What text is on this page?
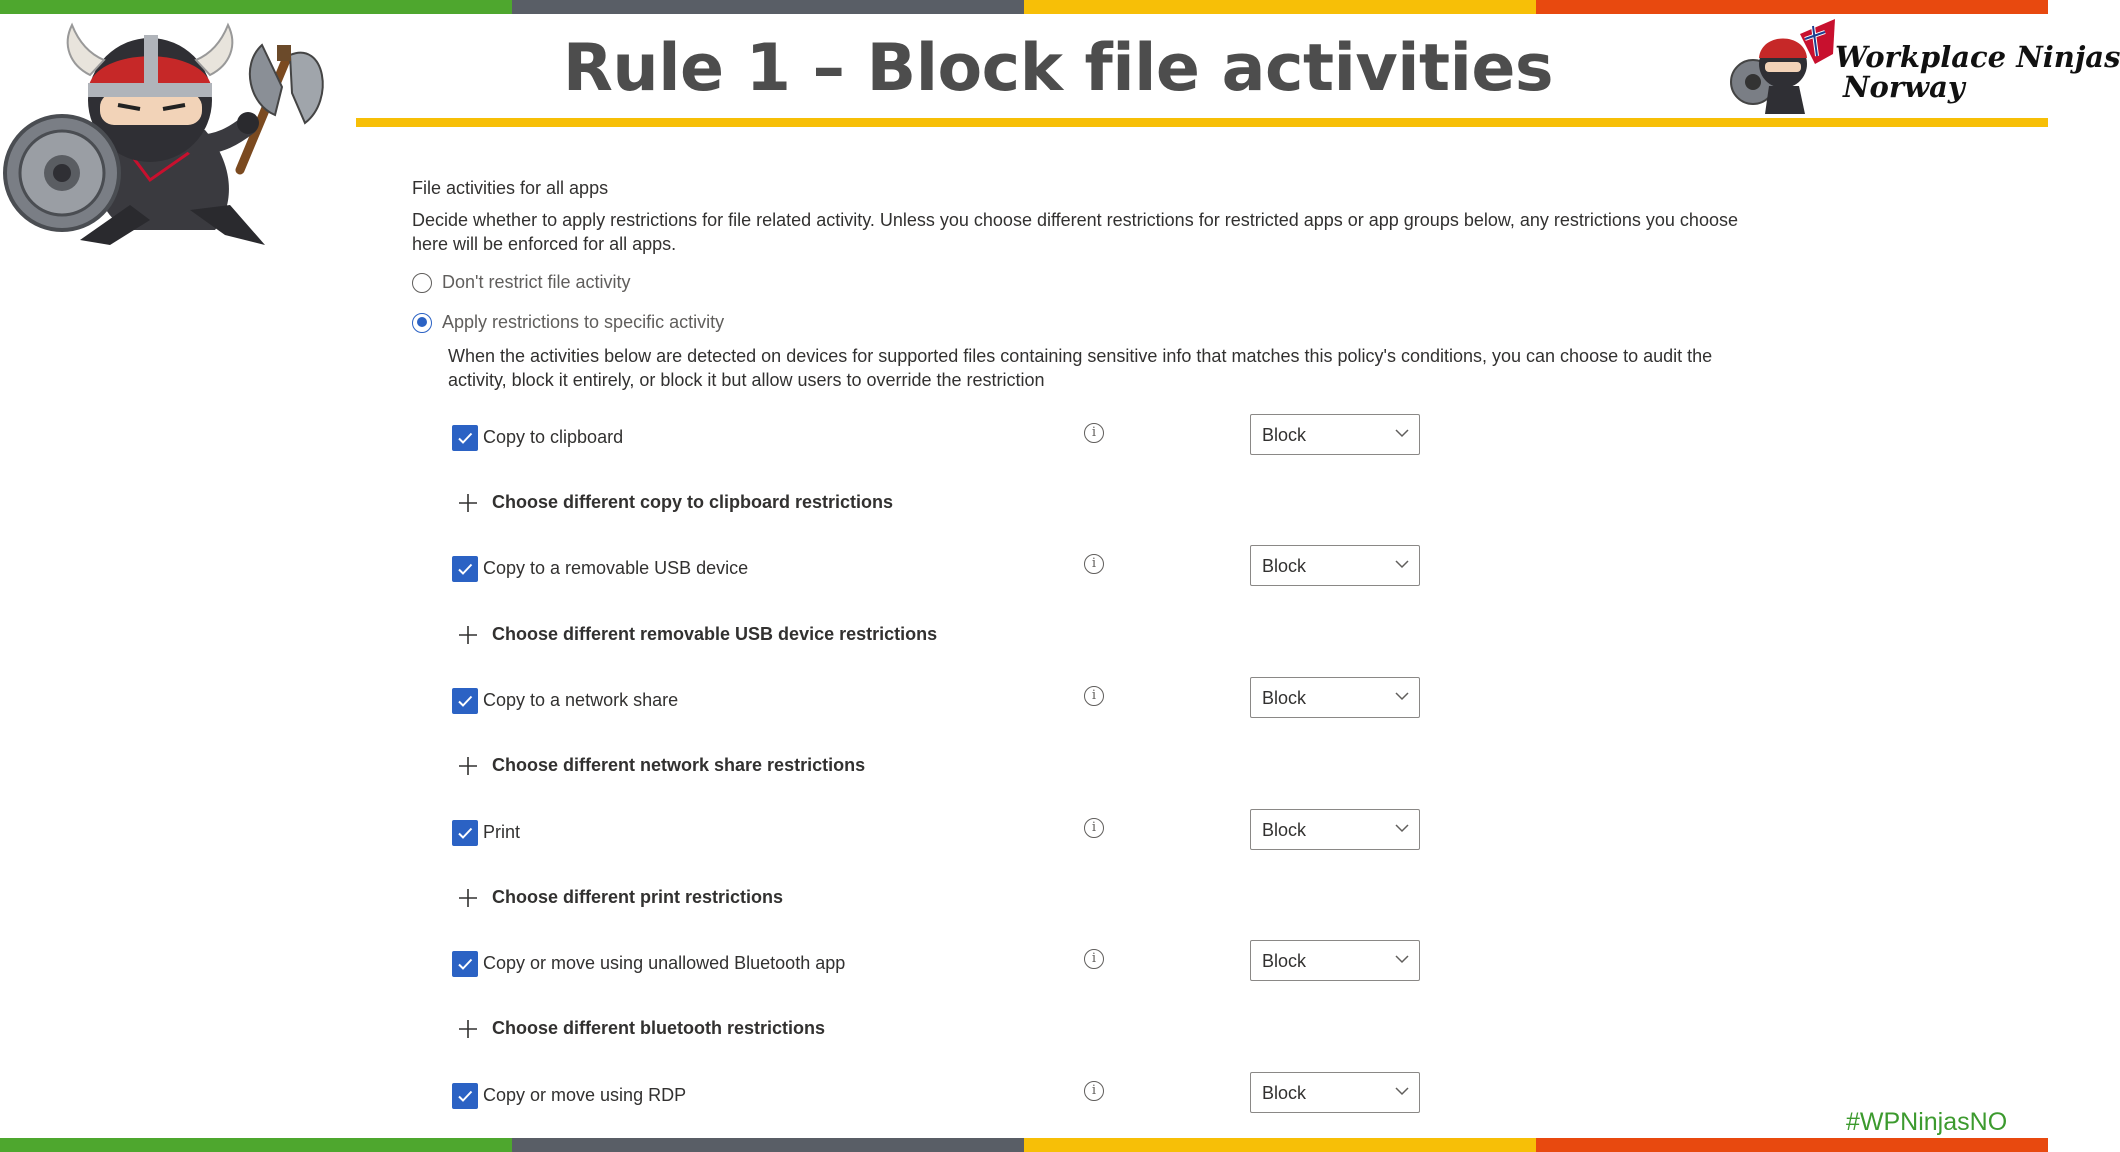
Rule 1 – Block file activities	Workplace Ninjas
Norway
File activities for all apps
Decide whether to apply restrictions for file related activity. Unless you choose different restrictions for restricted apps or app groups below, any restrictions you choose here will be enforced for all apps.
Don't restrict file activity
Apply restrictions to specific activity
When the activities below are detected on devices for supported files containing sensitive info that matches this policy's conditions, you can choose to audit the activity, block it entirely, or block it but allow users to override the restriction
Copy to clipboard	i	Block
Choose different copy to clipboard restrictions
Copy to a removable USB device	i	Block
Choose different removable USB device restrictions
Copy to a network share	i	Block
Choose different network share restrictions
Print	i	Block
Choose different print restrictions
Copy or move using unallowed Bluetooth app	i	Block
Choose different bluetooth restrictions
Copy or move using RDP	i	Block
#WPNinjasNO
